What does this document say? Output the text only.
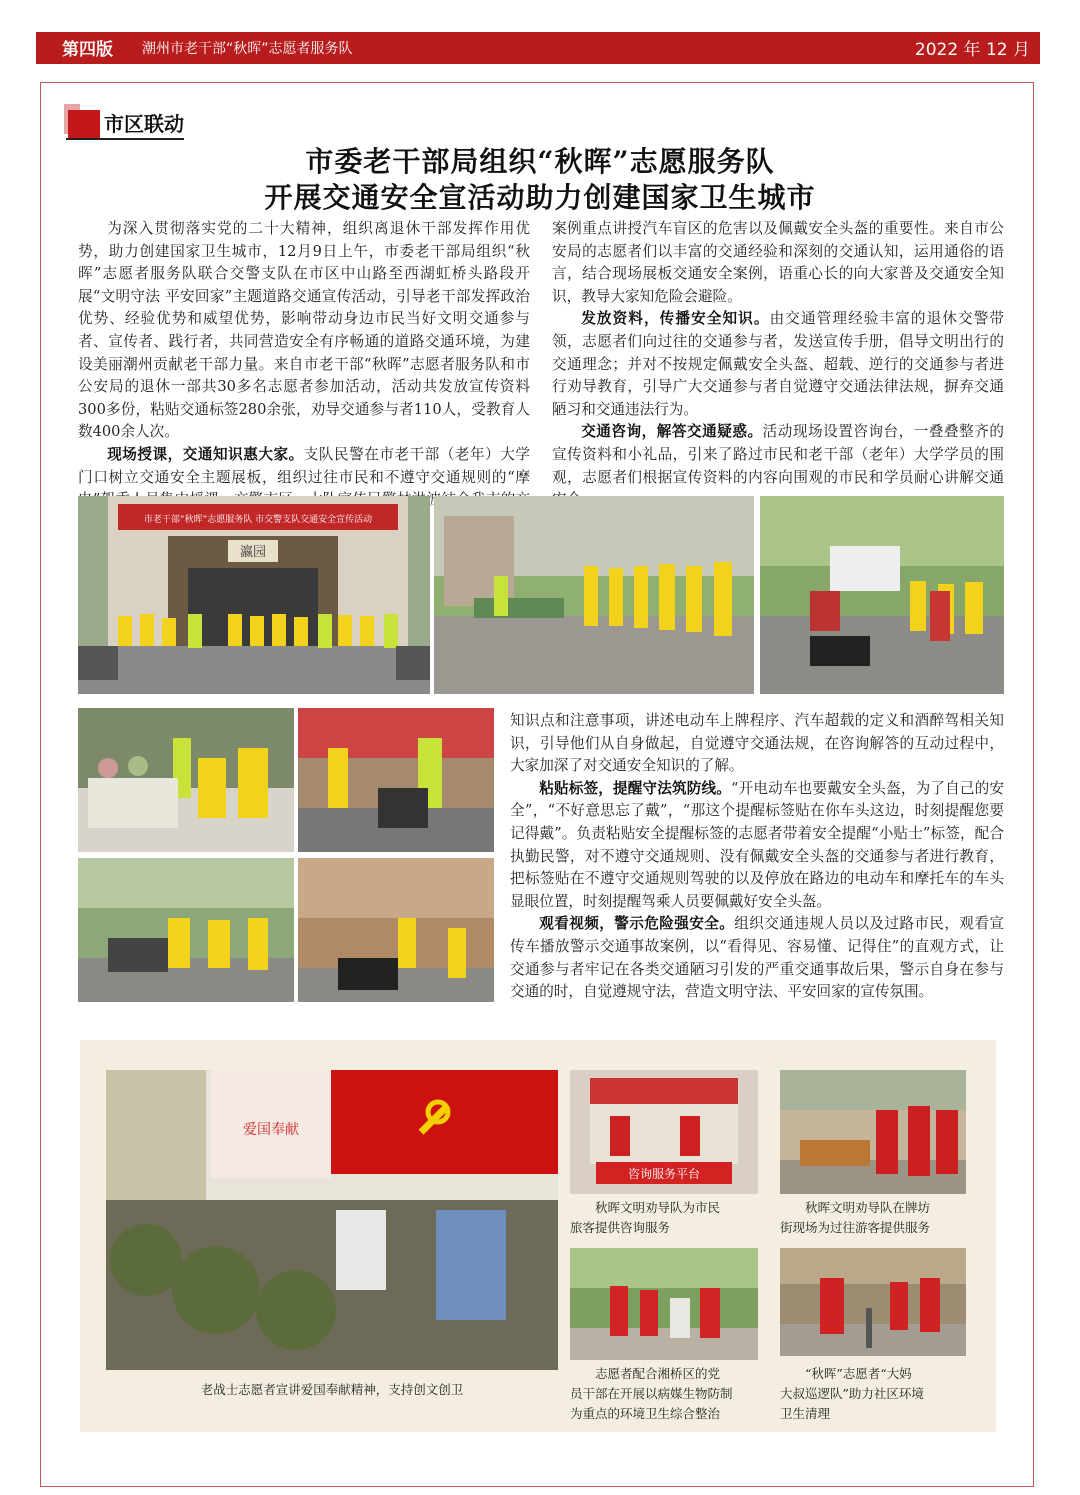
第四版 潮州市老干部“秋晖”志愿者服务队	2022 年 12 月
市区联动
市委老干部局组织“秋晖”志愿服务队
开展交通安全宣活动助力创建国家卫生城市

为深入贯彻落实党的二十大精神，组织离退休干部发挥作用优势，助力创建国家卫生城市，12月9日上午，市委老干部局组织“秋晖”志愿者服务队联合交警支队在市区中山路至西湖虹桥头路段开展“文明守法 平安回家”主题道路交通宣传活动，引导老干部发挥政治优势、经验优势和威望优势，影响带动身边市民当好文明交通参与者、宣传者、践行者，共同营造安全有序畅通的道路交通环境，为建设美丽潮州贡献老干部力量。来自市老干部“秋晖”志愿者服务队和市公安局的退休一部共30多名志愿者参加活动，活动共发放宣传资料300多份，粘贴交通标签280余张，劝导交通参与者110人，受教育人数400余人次。

现场授课，交通知识惠大家。支队民警在市老干部（老年）大学门口树立交通安全主题展板，组织过往市民和不遵守交通规则的“摩 林洪波结合

案例重点讲授汽车盲区的危害以及佩戴安全头盔的重要性。来自市公安局的志愿者们以丰富的交通经验和深刻的交通认知，运用通俗的语言，结合现场展板交通安全案例，语重心长的向大家普及交通安全知识，教导大家知危险会避险。

发放资料，传播安全知识。由交通管理经验丰富的退休交警带领，志愿者们向过往的交通参与者，发送宣传手册，倡导文明出行的交通理念；并对不按规定佩戴安全头盔、超载、逆行的交通参与者进行劝导教育，引导广大交通参与者自觉遵守交通法律法规，摒弃交通陋习和交通违法行为。

交通咨询，解答交通疑惑。活动现场设置咨询台，一叠叠整齐的宣传资料和小礼品，引来了路过市民和老干部（老年）大学学员的围观，志愿者们根据宣传资料的内容向围观的市民和学员耐心讲解交通

知识点和注意事项，讲述电动车上牌程序、汽车超载的定义和酒醉驾相关知识，引导他们从自身做起，自觉遵守交通法规，在咨询解答的互动过程中，大家加深了对交通安全知识的了解。

粘贴标签，提醒守法筑防线。“开电动车也要戴安全头盔，为了自己的安全”，“不好意思忘了戴”，“那这个提醒标签贴在你车头这边，时刻提醒您要记得戴”。负责粘贴安全提醒标签的志愿者带着安全提醒“小贴士”标签，配合执勤民警，对不遵守交通规则、没有佩戴安全头盔的交通参与者进行教育，把标签贴在不遵守交通规则驾驶的以及停放在路边的电动车和摩托车的车头显眼位置，时刻提醒驾乘人员要佩戴好安全头盔。

观看视频，警示危险强安全。组织交通违规人员以及过路市民，观看宣传车播放警示交通事故案例，以“看得见、容易懂、记得住”的直观方式，让交通参与者牢记在各类交通陋习引发的严重交通事故后果，警示自身在参与交通的时，自觉遵规守法，营造文明守法、平安回家的宣传氛围。

市老干部“秋晖”志愿服务队 市交警支队交通安全宣传活动
瀛园
爱国奉献
老战士志愿者宣讲爱国奉献精神，支持创文创卫
咨询服务平台
秋晖文明劝导队为市民
旅客提供咨询服务
秋晖文明劝导队在牌坊
街现场为过往游客提供服务
志愿者配合湘桥区的党
员干部在开展以病媒生物防制
为重点的环境卫生综合整治
“秋晖”志愿者“大妈
大叔巡逻队”助力社区环境
卫生清理
